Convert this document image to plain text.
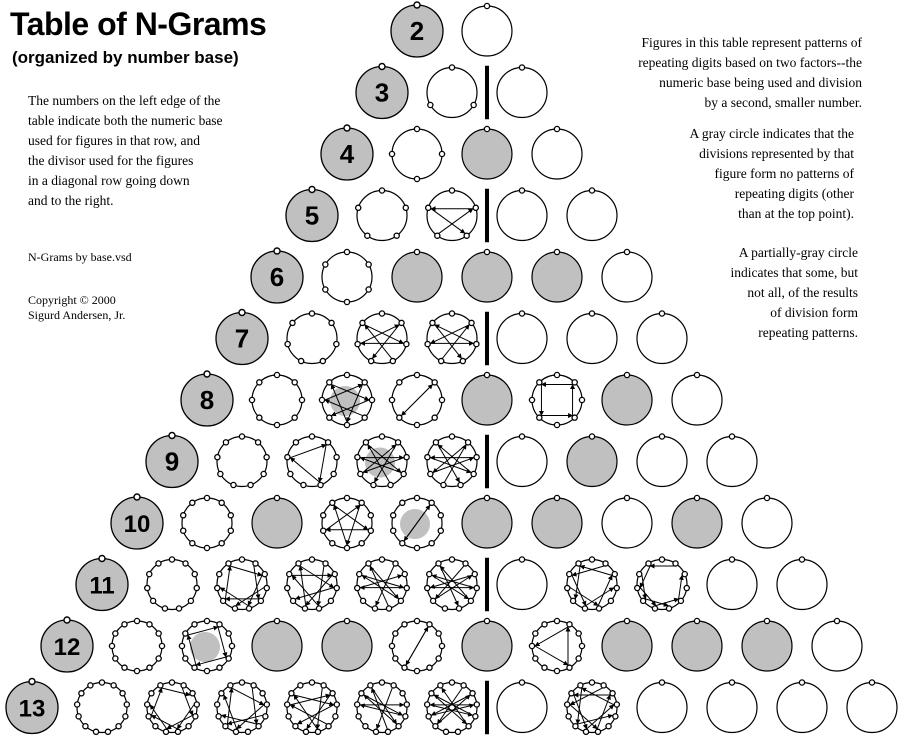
2
3
4
5
6
7
8
9
10
11
12
13
Table of N-Grams

(organized by number base)

The numbers on the left edge of the
table indicate both the numeric base
used for figures in that row, and
the divisor used for the figures
in a diagonal row going down
and to the right.

N-Grams by base.vsd

Copyright © 2000
Sigurd Andersen, Jr.

Figures in this table represent patterns of
repeating digits based on two factors--the
numeric base being used and division
by a second, smaller number.

A gray circle indicates that the
divisions represented by that
figure form no patterns of
repeating digits (other
than at the top point).

A partially-gray circle
indicates that some, but
not all, of the results
of division form
repeating patterns.
